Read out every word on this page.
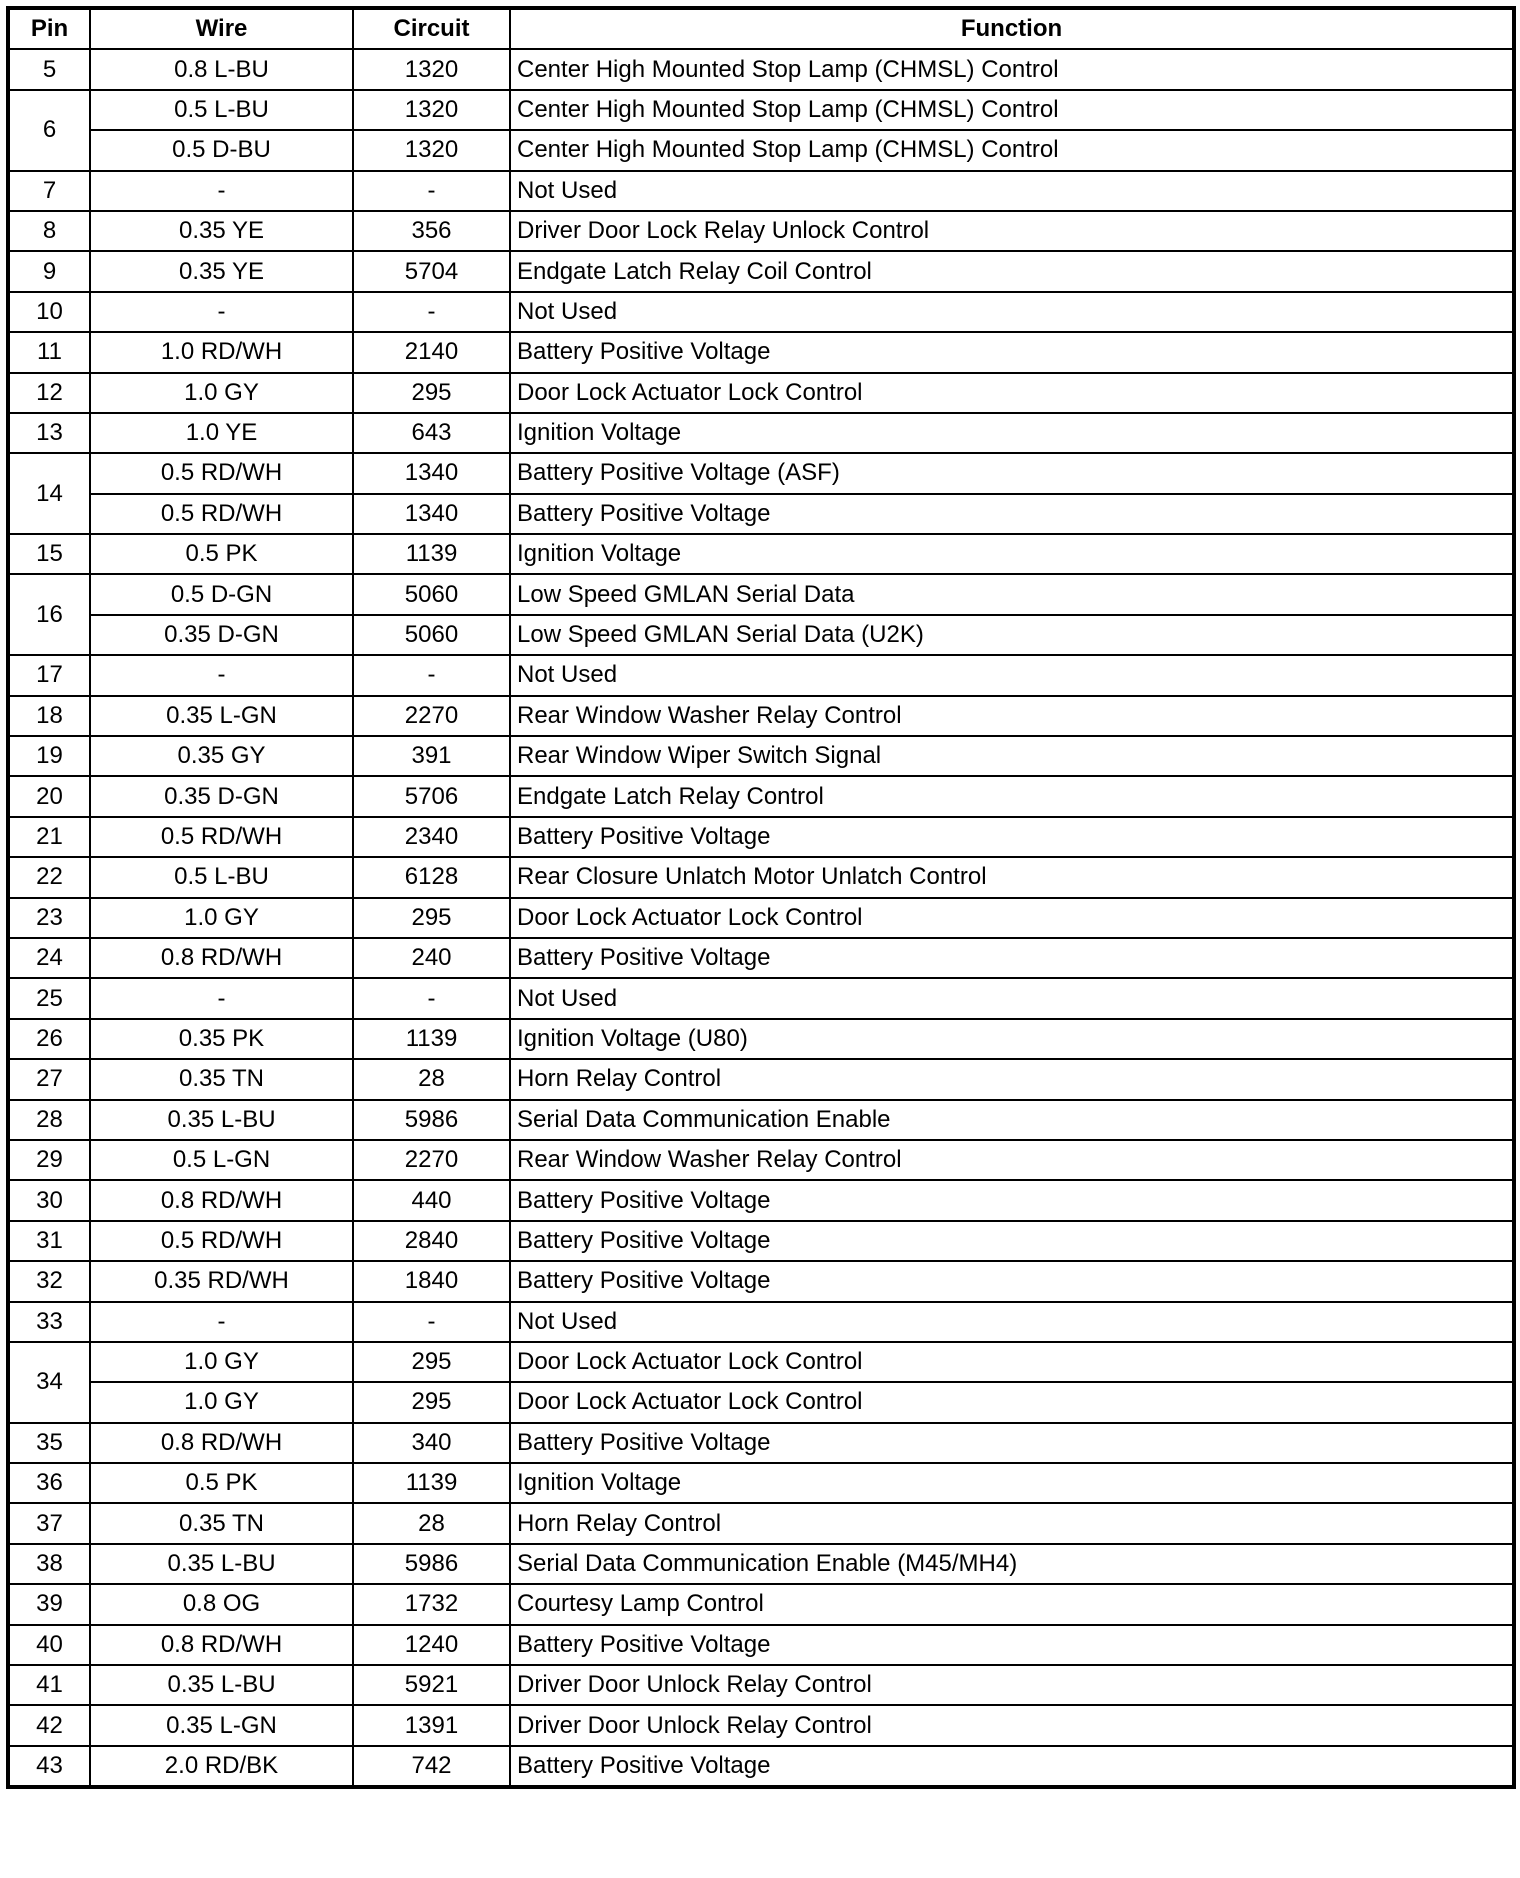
Pin	Wire	Circuit	Function
5	0.8 L-BU	1320	Center High Mounted Stop Lamp (CHMSL) Control
6	0.5 L-BU	1320	Center High Mounted Stop Lamp (CHMSL) Control
	0.5 D-BU	1320	Center High Mounted Stop Lamp (CHMSL) Control
7	-	-	Not Used
8	0.35 YE	356	Driver Door Lock Relay Unlock Control
9	0.35 YE	5704	Endgate Latch Relay Coil Control
10	-	-	Not Used
11	1.0 RD/WH	2140	Battery Positive Voltage
12	1.0 GY	295	Door Lock Actuator Lock Control
13	1.0 YE	643	Ignition Voltage
14	0.5 RD/WH	1340	Battery Positive Voltage (ASF)
	0.5 RD/WH	1340	Battery Positive Voltage
15	0.5 PK	1139	Ignition Voltage
16	0.5 D-GN	5060	Low Speed GMLAN Serial Data
	0.35 D-GN	5060	Low Speed GMLAN Serial Data (U2K)
17	-	-	Not Used
18	0.35 L-GN	2270	Rear Window Washer Relay Control
19	0.35 GY	391	Rear Window Wiper Switch Signal
20	0.35 D-GN	5706	Endgate Latch Relay Control
21	0.5 RD/WH	2340	Battery Positive Voltage
22	0.5 L-BU	6128	Rear Closure Unlatch Motor Unlatch Control
23	1.0 GY	295	Door Lock Actuator Lock Control
24	0.8 RD/WH	240	Battery Positive Voltage
25	-	-	Not Used
26	0.35 PK	1139	Ignition Voltage (U80)
27	0.35 TN	28	Horn Relay Control
28	0.35 L-BU	5986	Serial Data Communication Enable
29	0.5 L-GN	2270	Rear Window Washer Relay Control
30	0.8 RD/WH	440	Battery Positive Voltage
31	0.5 RD/WH	2840	Battery Positive Voltage
32	0.35 RD/WH	1840	Battery Positive Voltage
33	-	-	Not Used
34	1.0 GY	295	Door Lock Actuator Lock Control
	1.0 GY	295	Door Lock Actuator Lock Control
35	0.8 RD/WH	340	Battery Positive Voltage
36	0.5 PK	1139	Ignition Voltage
37	0.35 TN	28	Horn Relay Control
38	0.35 L-BU	5986	Serial Data Communication Enable (M45/MH4)
39	0.8 OG	1732	Courtesy Lamp Control
40	0.8 RD/WH	1240	Battery Positive Voltage
41	0.35 L-BU	5921	Driver Door Unlock Relay Control
42	0.35 L-GN	1391	Driver Door Unlock Relay Control
43	2.0 RD/BK	742	Battery Positive Voltage
